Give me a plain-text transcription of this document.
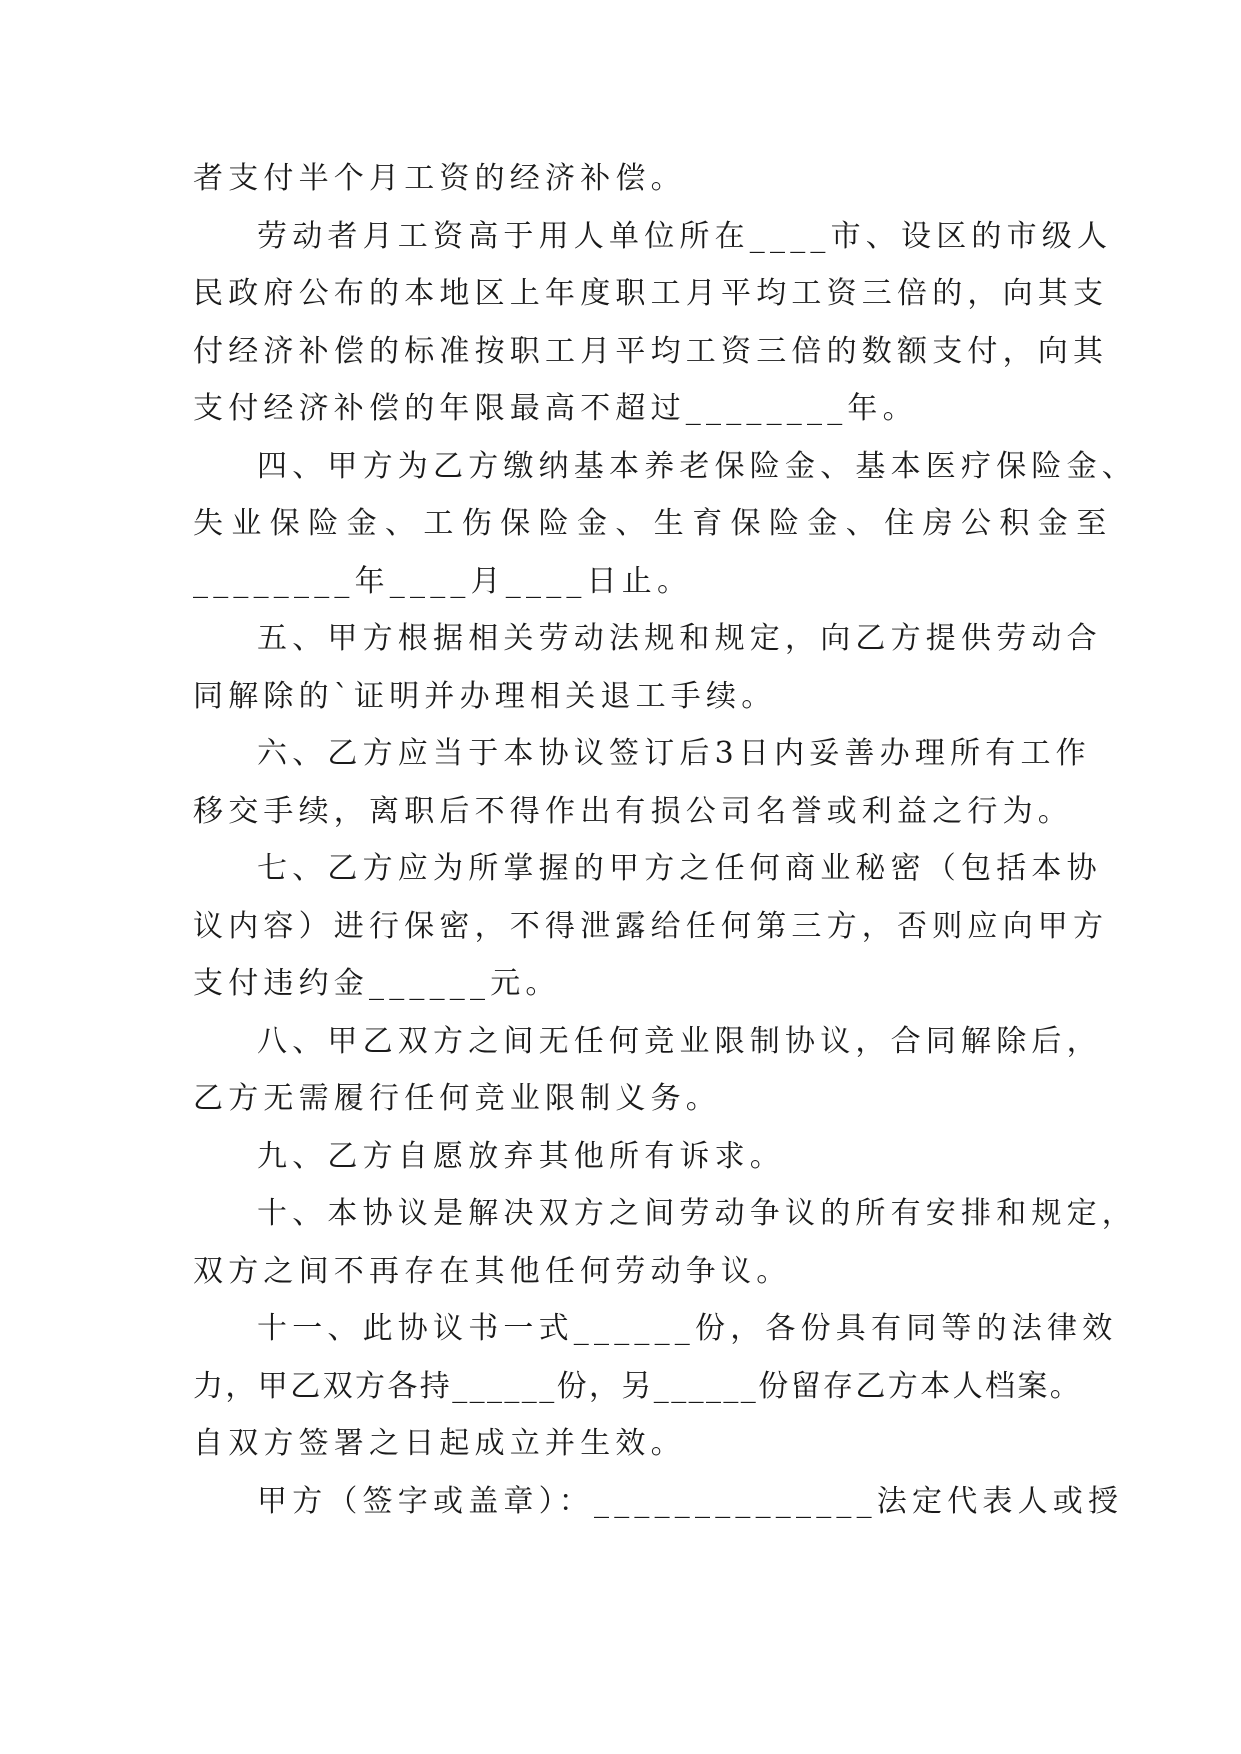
者支付半个月工资的经济补偿。
劳动者月工资高于用人单位所在____市、设区的市级人
民政府公布的本地区上年度职工月平均工资三倍的，向其支
付经济补偿的标准按职工月平均工资三倍的数额支付，向其
支付经济补偿的年限最高不超过________年。
四、甲方为乙方缴纳基本养老保险金、基本医疗保险金、
失业保险金、工伤保险金、生育保险金、住房公积金至
________年____月____日止。
五、甲方根据相关劳动法规和规定，向乙方提供劳动合
同解除的`证明并办理相关退工手续。
六、乙方应当于本协议签订后3日内妥善办理所有工作
移交手续，离职后不得作出有损公司名誉或利益之行为。
七、乙方应为所掌握的甲方之任何商业秘密（包括本协
议内容）进行保密，不得泄露给任何第三方，否则应向甲方
支付违约金______元。
八、甲乙双方之间无任何竞业限制协议，合同解除后，
乙方无需履行任何竞业限制义务。
九、乙方自愿放弃其他所有诉求。
十、本协议是解决双方之间劳动争议的所有安排和规定，
双方之间不再存在其他任何劳动争议。
十一、此协议书一式______份，各份具有同等的法律效
力，甲乙双方各持______份，另______份留存乙方本人档案。
自双方签署之日起成立并生效。
甲方（签字或盖章）：______________法定代表人或授
